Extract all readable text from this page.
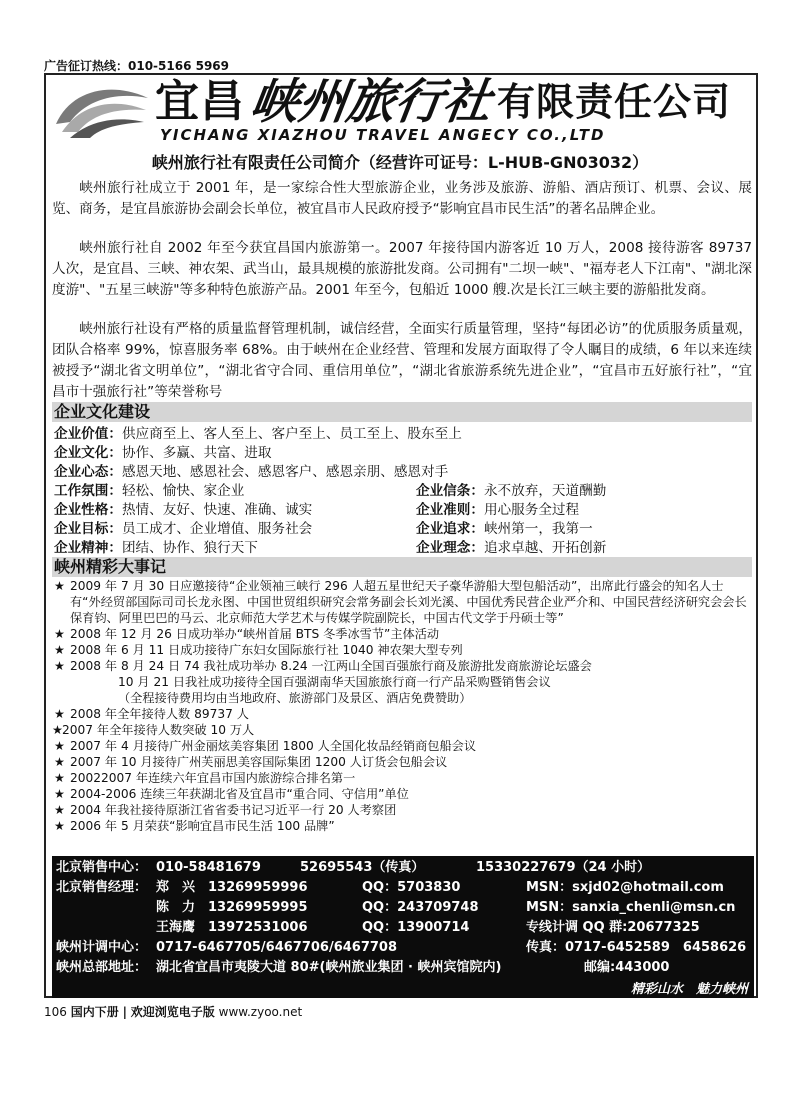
广告征订热线：010-5166 5969
宜昌 峡州旅行社 有限责任公司
YICHANG XIAZHOU TRAVEL ANGECY CO.,LTD
峡州旅行社有限责任公司简介（经营许可证号：L-HUB-GN03032）
峡州旅行社成立于 2001 年，是一家综合性大型旅游企业，业务涉及旅游、游船、酒店预订、机票、会议、展览、商务，是宜昌旅游协会副会长单位，被宜昌市人民政府授予“影响宜昌市民生活”的著名品牌企业。
峡州旅行社自 2002 年至今获宜昌国内旅游第一。2007 年接待国内游客近 10 万人，2008 接待游客 89737 人次，是宜昌、三峡、神农架、武当山，最具规模的旅游批发商。公司拥有"二坝一峡"、"福寿老人下江南"、"湖北深度游"、"五星三峡游"等多种特色旅游产品。2001 年至今，包船近 1000 艘.次是长江三峡主要的游船批发商。
峡州旅行社设有严格的质量监督管理机制，诚信经营，全面实行质量管理，坚持“每团必访”的优质服务质量观，团队合格率 99%，惊喜服务率 68%。由于峡州在企业经营、管理和发展方面取得了令人瞩目的成绩，6 年以来连续被授予“湖北省文明单位”，“湖北省守合同、重信用单位”，“湖北省旅游系统先进企业”，“宜昌市五好旅行社”，“宜昌市十强旅行社”等荣誉称号
企业文化建设
企业价值：供应商至上、客人至上、客户至上、员工至上、股东至上
企业文化：协作、多赢、共富、进取
企业心态：感恩天地、感恩社会、感恩客户、感恩亲朋、感恩对手
工作氛围：轻松、愉快、家企业	企业信条：永不放弃，天道酬勤
企业性格：热情、友好、快速、准确、诚实	企业准则：用心服务全过程
企业目标：员工成才、企业增值、服务社会	企业追求：峡州第一，我第一
企业精神：团结、协作、狼行天下	企业理念：追求卓越、开拓创新
峡州精彩大事记
★ 2009 年 7 月 30 日应邀接待“企业领袖三峡行 296 人超五星世纪天子豪华游船大型包船活动”，出席此行盛会的知名人士有“外经贸部国际司司长龙永图、中国世贸组织研究会常务副会长刘光溪、中国优秀民营企业严介和、中国民营经济研究会会长保育钧、阿里巴巴的马云、北京师范大学艺术与传媒学院副院长，中国古代文学于丹硕士等”
★ 2008 年 12 月 26 日成功举办“峡州首届 BTS 冬季冰雪节”主体活动
★ 2008 年 6 月 11 日成功接待广东妇女国际旅行社 1040 神农架大型专列
★ 2008 年 8 月 24 日 74 我社成功举办 8.24 一江两山全国百强旅行商及旅游批发商旅游论坛盛会
10 月 21 日我社成功接待全国百强湖南华天国旅旅行商一行产品采购暨销售会议
（全程接待费用均由当地政府、旅游部门及景区、酒店免费赞助）
★ 2008 年全年接待人数 89737 人
★ 2007 年全年接待人数突破 10 万人
★ 2007 年 4 月接待广州金丽炫美容集团 1800 人全国化妆品经销商包船会议
★ 2007 年 10 月接待广州芙丽思美容国际集团 1200 人订货会包船会议
★ 20022007 年连续六年宜昌市国内旅游综合排名第一
★ 2004-2006 连续三年获湖北省及宜昌市“重合同、守信用”单位
★ 2004 年我社接待原浙江省省委书记习近平一行 20 人考察团
★ 2006 年 5 月荣获“影响宜昌市民生活 100 品牌”
北京销售中心： 010-58481679	52695543（传真）	15330227679（24 小时）
北京销售经理： 郑　兴 13269959996	QQ：5703830	MSN：sxjd02@hotmail.com
陈　力 13269959995	QQ：243709748	MSN：sanxia_chenli@msn.cn
王海鹰 13972531006	QQ：13900714	专线计调 QQ 群:20677325
峡州计调中心： 0717-6467705/6467706/6467708	传真：0717-6452589　6458626
峡州总部地址： 湖北省宜昌市夷陵大道 80#(峡州旅业集团 · 峡州宾馆院内)	邮编:443000
精彩山水　魅力峡州
106 国内下册 | 欢迎浏览电子版 www.zyoo.net
